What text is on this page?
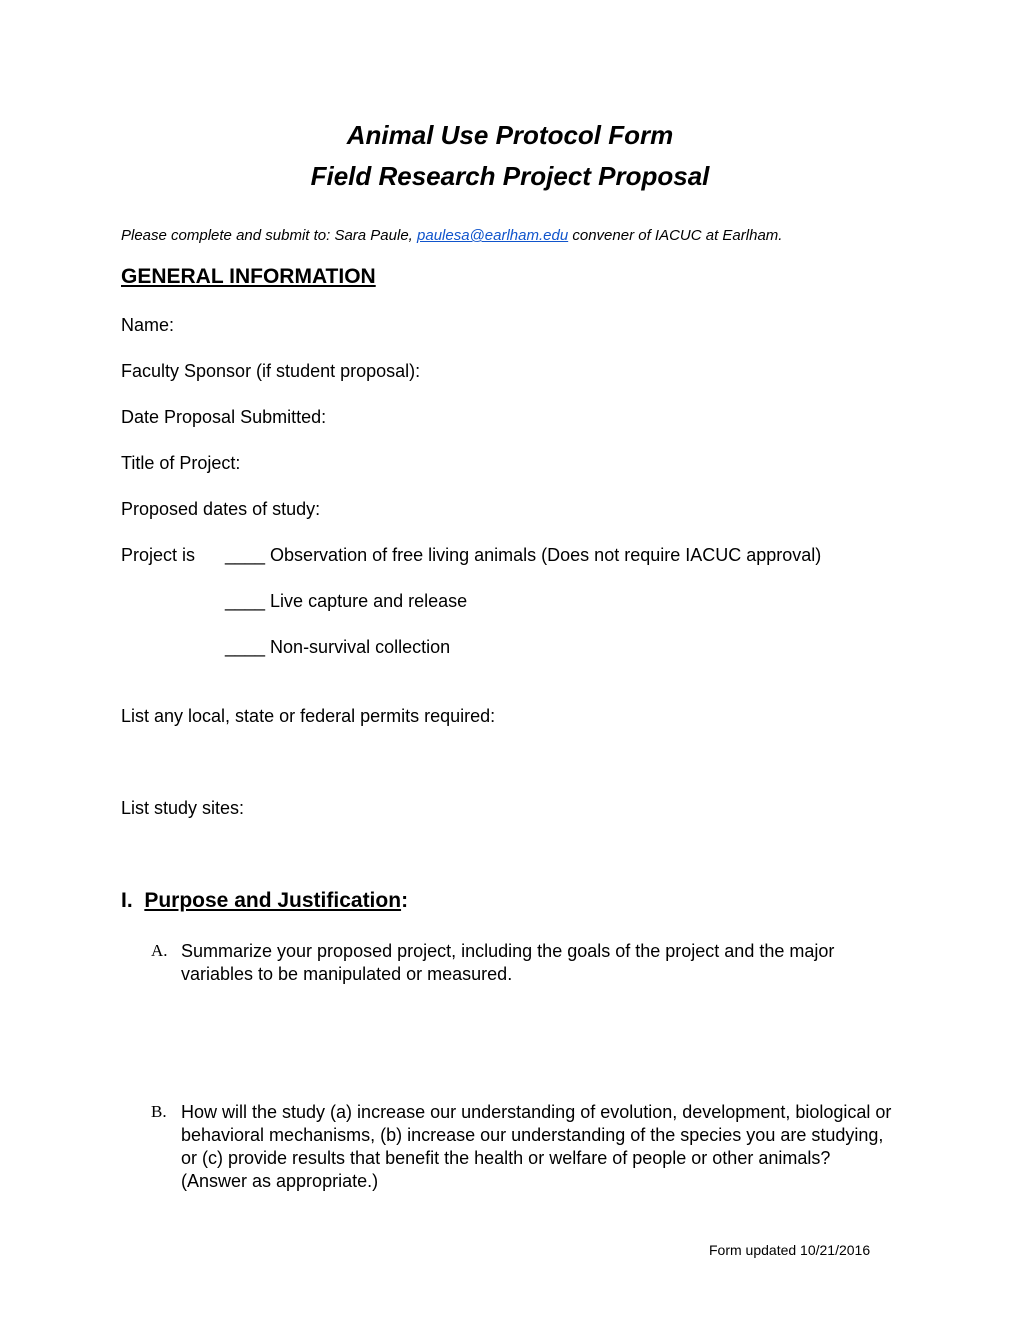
Animal Use Protocol Form
Field Research Project Proposal

Please complete and submit to: Sara Paule, paulesa@earlham.edu convener of IACUC at Earlham.

GENERAL INFORMATION

Name:

Faculty Sponsor (if student proposal):

Date Proposal Submitted:

Title of Project:

Proposed dates of study:

Project is ____ Observation of free living animals (Does not require IACUC approval)

____ Live capture and release

____ Non-survival collection

List any local, state or federal permits required:

List study sites:

I. Purpose and Justification:

A. Summarize your proposed project, including the goals of the project and the major variables to be manipulated or measured.

B. How will the study (a) increase our understanding of evolution, development, biological or behavioral mechanisms, (b) increase our understanding of the species you are studying, or (c) provide results that benefit the health or welfare of people or other animals? (Answer as appropriate.)

Form updated 10/21/2016
